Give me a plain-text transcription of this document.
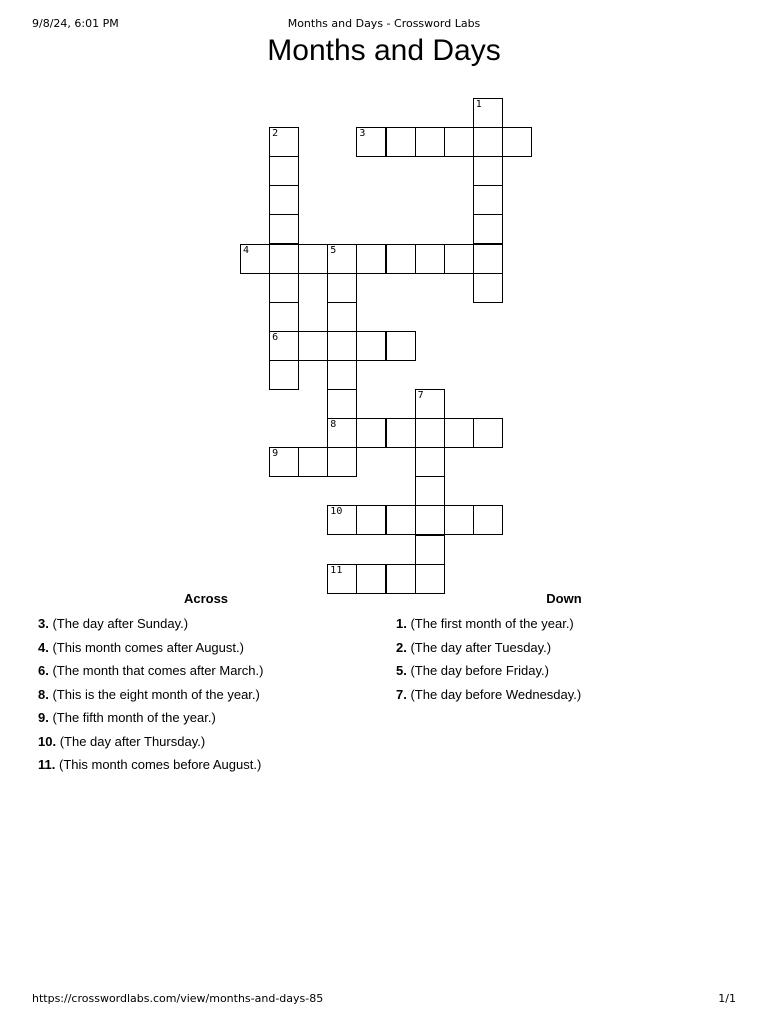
9/8/24, 6:01 PM	Months and Days - Crossword Labs
Months and Days
1
2
6
3
4	5
8
7
9
10
11
Across
3. (The day after Sunday.)
4. (This month comes after August.)
6. (The month that comes after March.)
8. (This is the eight month of the year.)
9. (The fifth month of the year.)
10. (The day after Thursday.)
11. (This month comes before August.)
Down
1. (The first month of the year.)
2. (The day after Tuesday.)
5. (The day before Friday.)
7. (The day before Wednesday.)
https://crosswordlabs.com/view/months-and-days-85	1/1
